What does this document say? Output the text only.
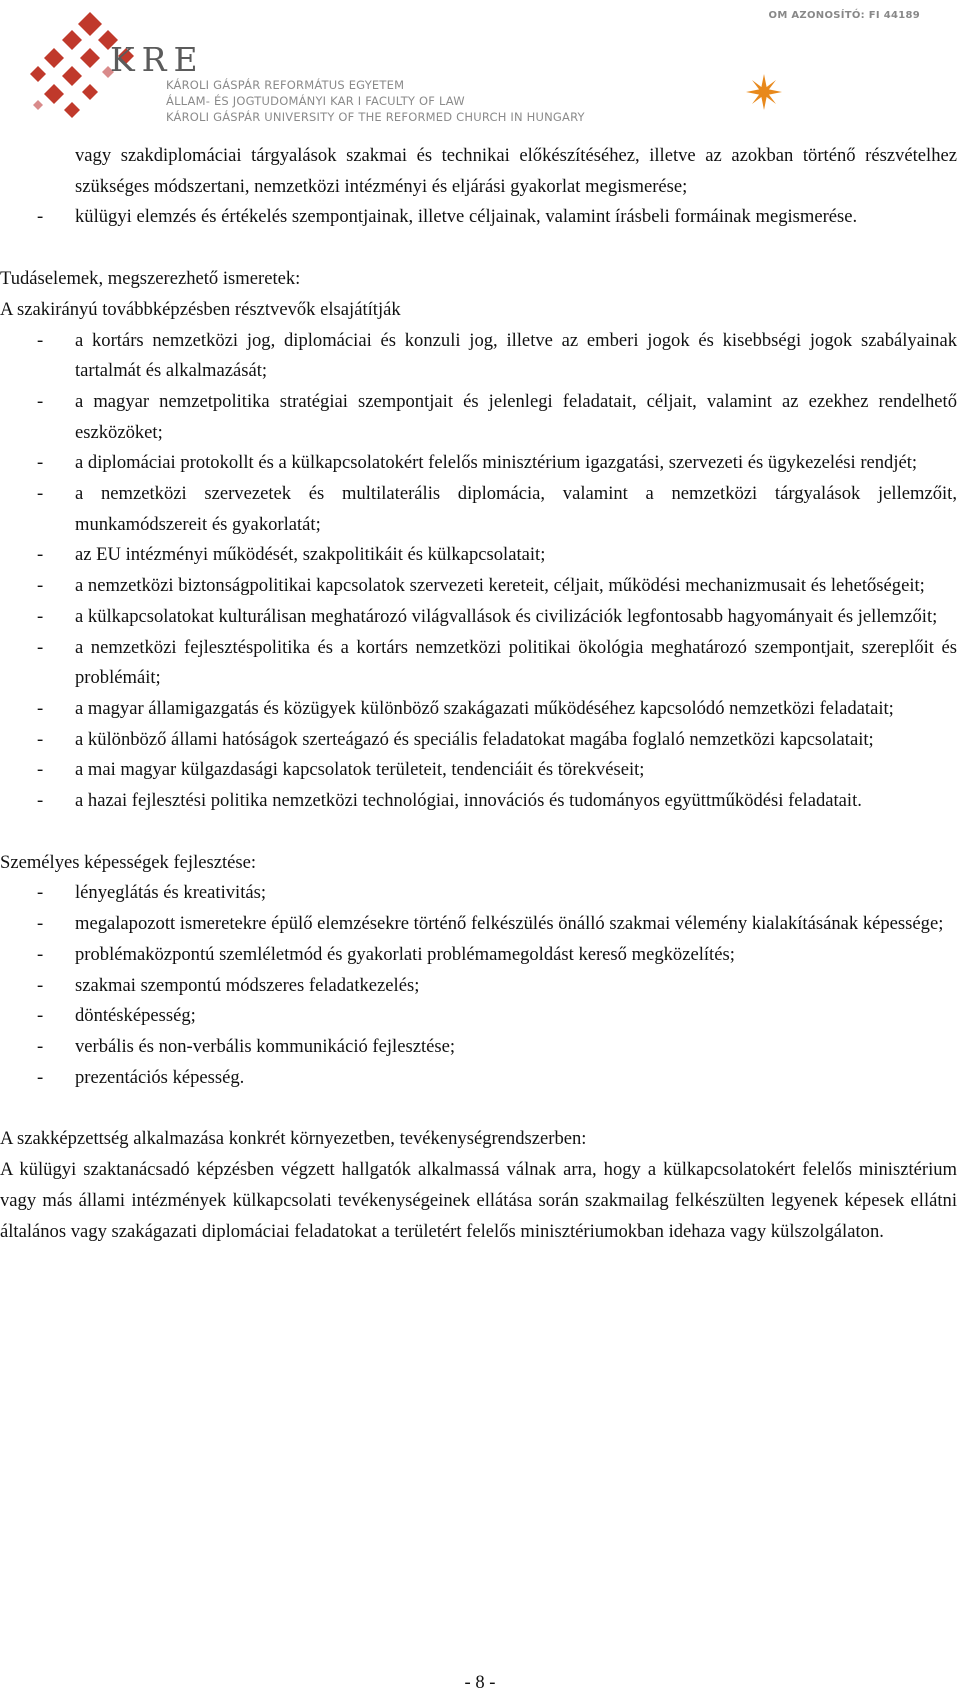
KRE
KÁROLI GÁSPÁR REFORMÁTUS EGYETEM
ÁLLAM- ÉS JOGTUDOMÁNYI KAR I FACULTY OF LAW
KÁROLI GÁSPÁR UNIVERSITY OF THE REFORMED CHURCH IN HUNGARY
OM AZONOSÍTÓ: FI 44189
vagy szakdiplomáciai tárgyalások szakmai és technikai előkészítéséhez, illetve az azokban történő részvételhez szükséges módszertani, nemzetközi intézményi és eljárási gyakorlat megismerése;
- külügyi elemzés és értékelés szempontjainak, illetve céljainak, valamint írásbeli formáinak megismerése.
Tudáselemek, megszerezhető ismeretek:
A szakirányú továbbképzésben résztvevők elsajátítják
- a kortárs nemzetközi jog, diplomáciai és konzuli jog, illetve az emberi jogok és kisebbségi jogok szabályainak tartalmát és alkalmazását;
- a magyar nemzetpolitika stratégiai szempontjait és jelenlegi feladatait, céljait, valamint az ezekhez rendelhető eszközöket;
- a diplomáciai protokollt és a külkapcsolatokért felelős minisztérium igazgatási, szervezeti és ügykezelési rendjét;
- a nemzetközi szervezetek és multilaterális diplomácia, valamint a nemzetközi tárgyalások jellemzőit, munkamódszereit és gyakorlatát;
- az EU intézményi működését, szakpolitikáit és külkapcsolatait;
- a nemzetközi biztonságpolitikai kapcsolatok szervezeti kereteit, céljait, működési mechanizmusait és lehetőségeit;
- a külkapcsolatokat kulturálisan meghatározó világvallások és civilizációk legfontosabb hagyományait és jellemzőit;
- a nemzetközi fejlesztéspolitika és a kortárs nemzetközi politikai ökológia meghatározó szempontjait, szereplőit és problémáit;
- a magyar államigazgatás és közügyek különböző szakágazati működéséhez kapcsolódó nemzetközi feladatait;
- a különböző állami hatóságok szerteágazó és speciális feladatokat magába foglaló nemzetközi kapcsolatait;
- a mai magyar külgazdasági kapcsolatok területeit, tendenciáit és törekvéseit;
- a hazai fejlesztési politika nemzetközi technológiai, innovációs és tudományos együttműködési feladatait.
Személyes képességek fejlesztése:
- lényeglátás és kreativitás;
- megalapozott ismeretekre épülő elemzésekre történő felkészülés önálló szakmai vélemény kialakításának képessége;
- problémaközpontú szemléletmód és gyakorlati problémamegoldást kereső megközelítés;
- szakmai szempontú módszeres feladatkezelés;
- döntésképesség;
- verbális és non-verbális kommunikáció fejlesztése;
- prezentációs képesség.
A szakképzettség alkalmazása konkrét környezetben, tevékenységrendszerben:
A külügyi szaktanácsadó képzésben végzett hallgatók alkalmassá válnak arra, hogy a külkapcsolatokért felelős minisztérium vagy más állami intézmények külkapcsolati tevékenységeinek ellátása során szakmailag felkészülten legyenek képesek ellátni általános vagy szakágazati diplomáciai feladatokat a területért felelős minisztériumokban idehaza vagy külszolgálaton.
- 8 -
